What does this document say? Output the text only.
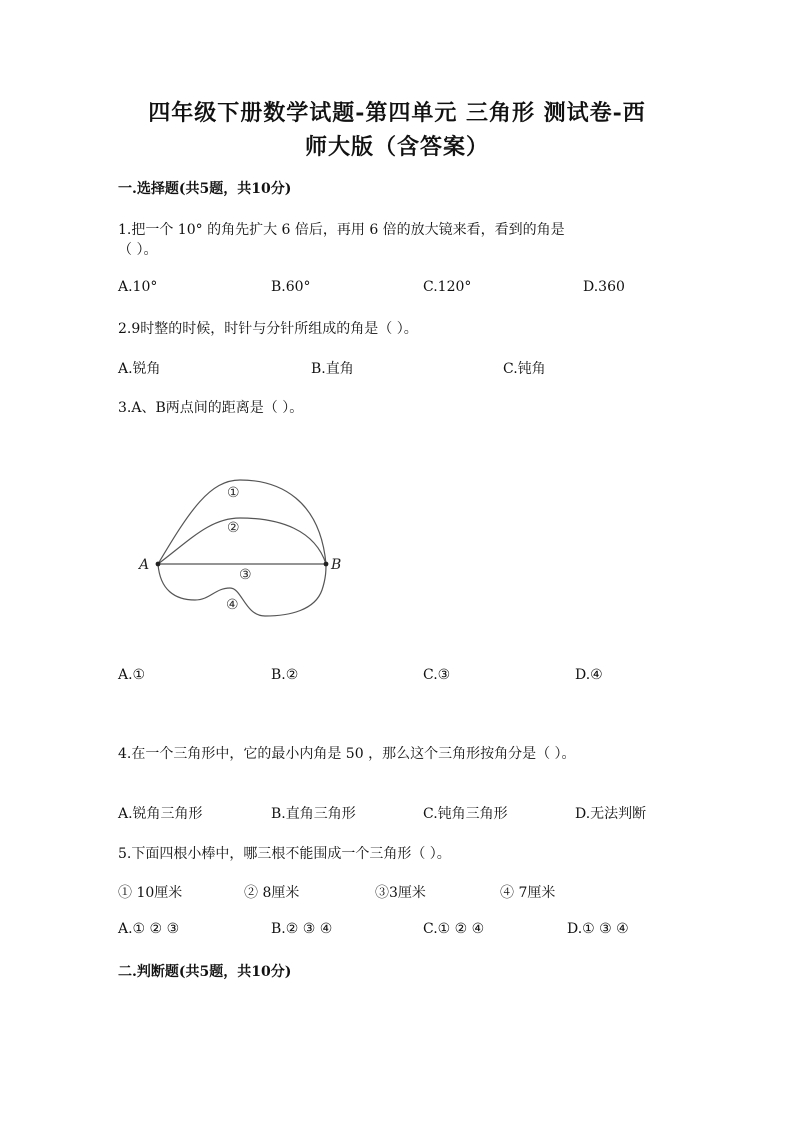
四年级下册数学试题-第四单元 三角形 测试卷-西
师大版（含答案）
一.选择题(共5题，共10分)
1.把一个 10° 的角先扩大 6 倍后，再用 6 倍的放大镜来看，看到的角是
（ ）。
A.10°	B.60°	C.120°	D.360
2.9时整的时候，时针与分针所组成的角是（ ）。
A.锐角	B.直角	C.钝角
3.A、B两点间的距离是（ ）。
A	B
①
②
③
④
A.①	B.②	C.③	D.④
4.在一个三角形中，它的最小内角是 50 ，那么这个三角形按角分是（ ）。
A.锐角三角形	B.直角三角形	C.钝角三角形	D.无法判断
5.下面四根小棒中，哪三根不能围成一个三角形（ ）。
① 10厘米	② 8厘米	③3厘米	④ 7厘米
A.① ② ③	B.② ③ ④	C.① ② ④	D.① ③ ④
二.判断题(共5题，共10分)
